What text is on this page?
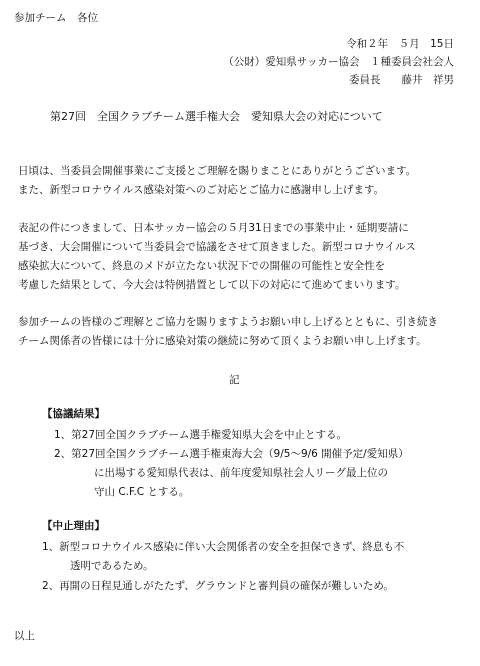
参加チーム　各位
令和２年　５月　15日
（公財）愛知県サッカー協会　１種委員会社会人
委員長　　藤井　祥男
第27回　全国クラブチーム選手権大会　愛知県大会の対応について
日頃は、当委員会開催事業にご支援とご理解を賜りまことにありがとうございます。
また、新型コロナウイルス感染対策へのご対応とご協力に感謝申し上げます。
表記の件につきまして、日本サッカー協会の５月31日までの事業中止・延期要請に
基づき、大会開催について当委員会で協議をさせて頂きました。新型コロナウイルス
感染拡大について、終息のメドが立たない状況下での開催の可能性と安全性を
考慮した結果として、今大会は特例措置として以下の対応にて進めてまいります。
参加チームの皆様のご理解とご協力を賜りますようお願い申し上げるとともに、引き続き
チーム関係者の皆様には十分に感染対策の継続に努めて頂くようお願い申し上げます。
記
【協議結果】
1、第27回全国クラブチーム選手権愛知県大会を中止とする。
2、第27回全国クラブチーム選手権東海大会（9/5〜9/6 開催予定/愛知県）
に出場する愛知県代表は、前年度愛知県社会人リーグ最上位の
守山 C.F.C とする。
【中止理由】
1、新型コロナウイルス感染に伴い大会関係者の安全を担保できず、終息も不
透明であるため。
2、再開の日程見通しがたたず、グラウンドと審判員の確保が難しいため。
以上
